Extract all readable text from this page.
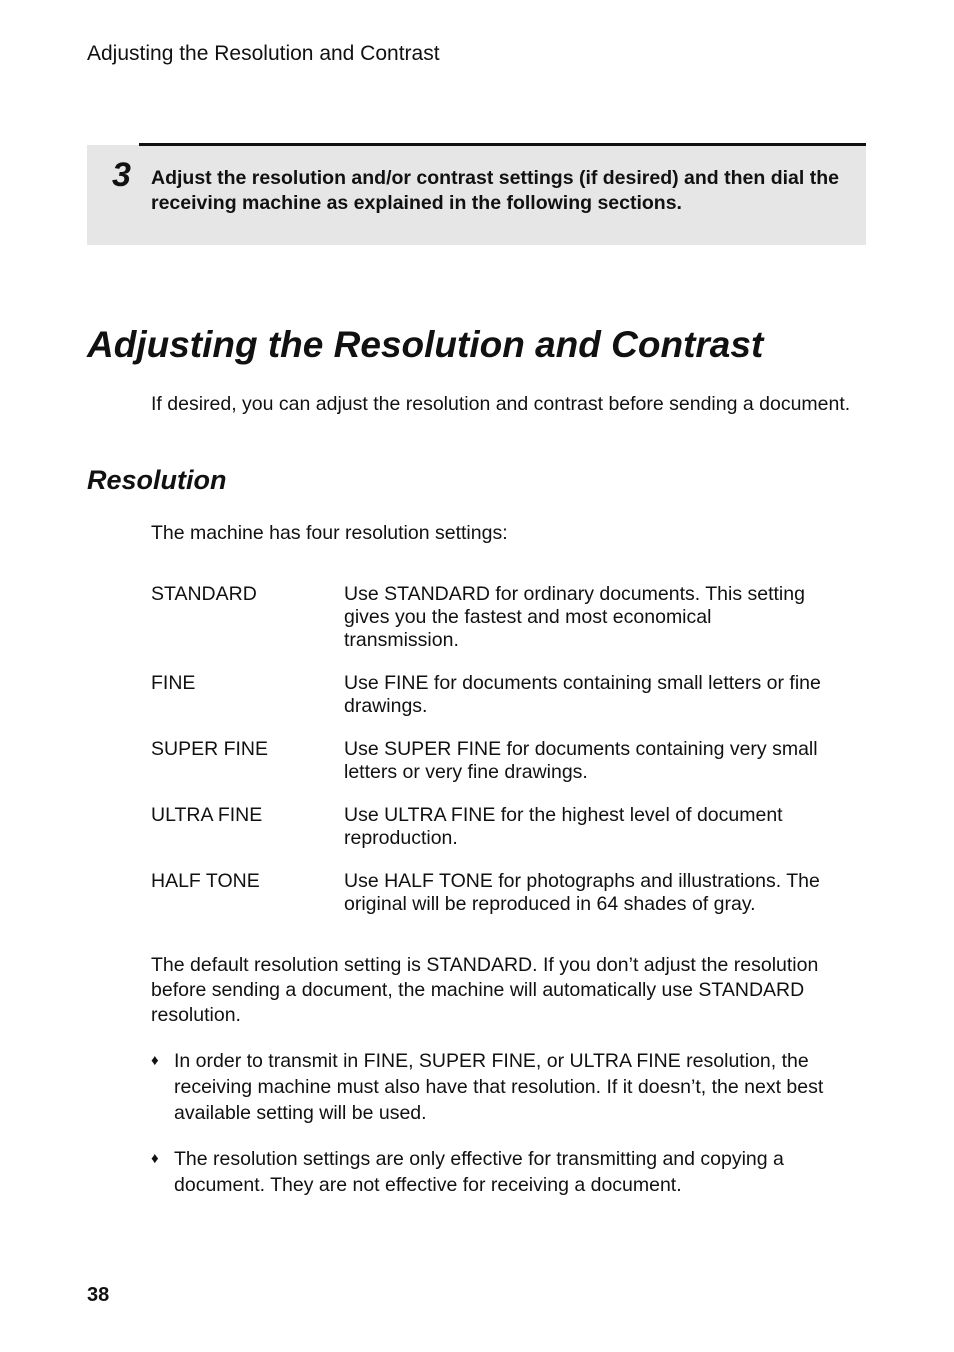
Adjusting the Resolution and Contrast
3 Adjust the resolution and/or contrast settings (if desired) and then dial the receiving machine as explained in the following sections.
Adjusting the Resolution and Contrast

If desired, you can adjust the resolution and contrast before sending a document.

Resolution

The machine has four resolution settings:

STANDARD	Use STANDARD for ordinary documents. This setting gives you the fastest and most economical transmission.
FINE	Use FINE for documents containing small letters or fine drawings.
SUPER FINE	Use SUPER FINE for documents containing very small letters or very fine drawings.
ULTRA FINE	Use ULTRA FINE for the highest level of document reproduction.
HALF TONE	Use HALF TONE for photographs and illustrations. The original will be reproduced in 64 shades of gray.

The default resolution setting is STANDARD. If you don’t adjust the resolution before sending a document, the machine will automatically use STANDARD resolution.

♦ In order to transmit in FINE, SUPER FINE, or ULTRA FINE resolution, the receiving machine must also have that resolution. If it doesn’t, the next best available setting will be used.
♦ The resolution settings are only effective for transmitting and copying a document. They are not effective for receiving a document.
38
